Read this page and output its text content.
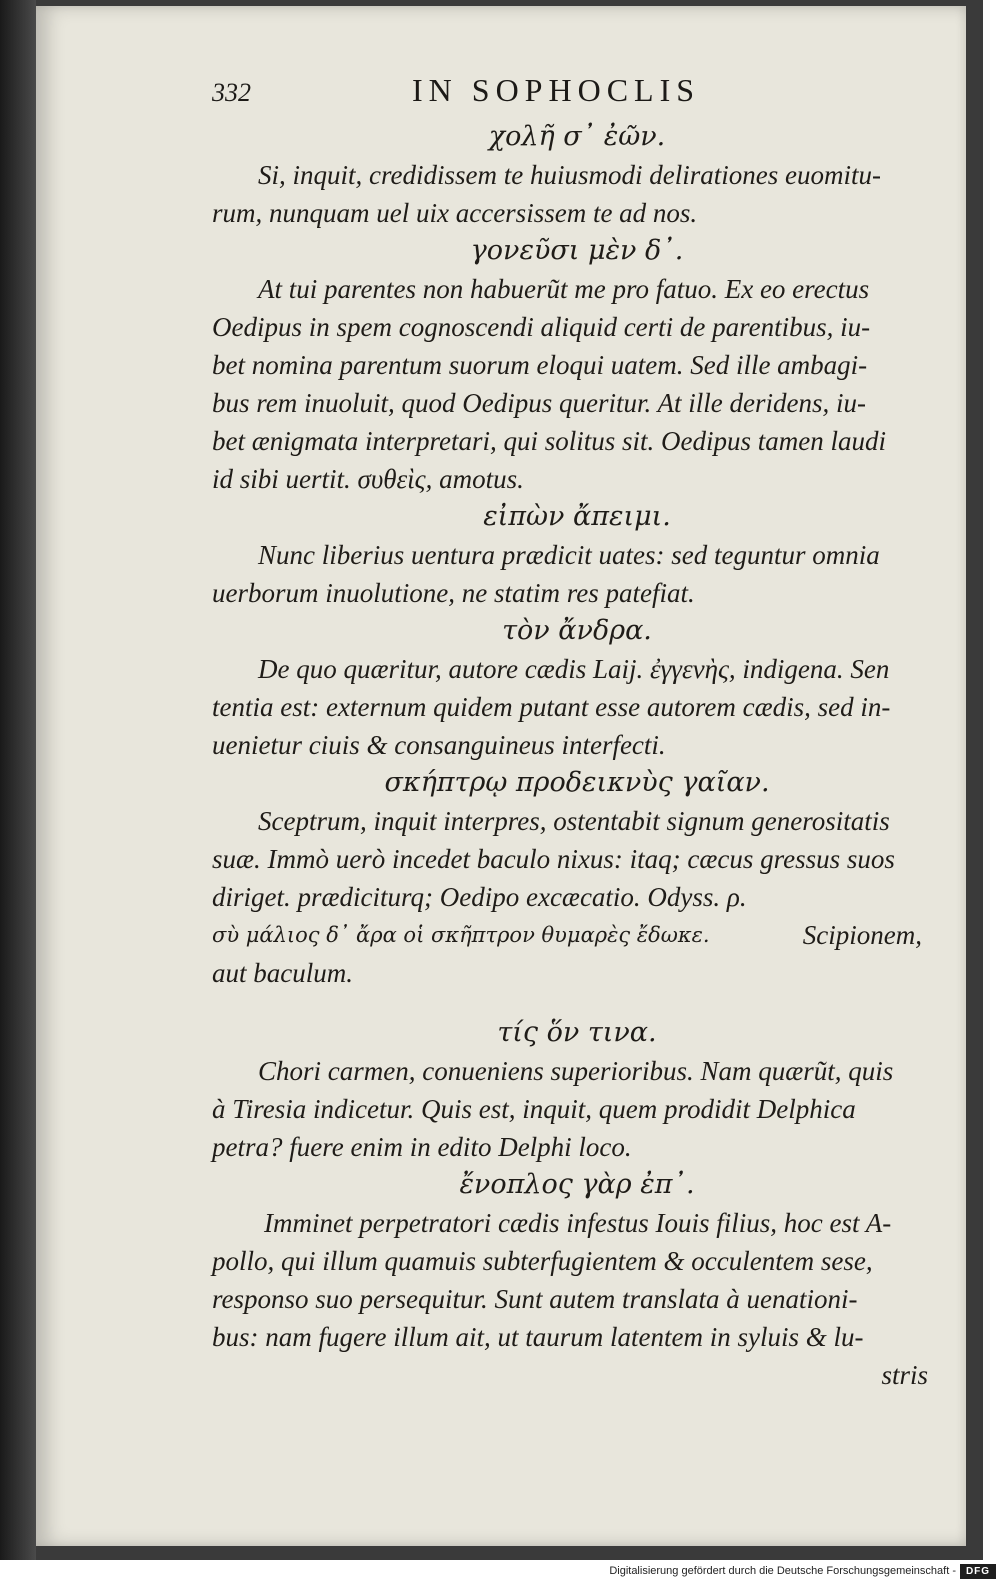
332	IN SOPHOCLIS
χολῆ σ᾿ ἐῶν.
Si, inquit, credidissem te huiusmodi delirationes euomitu-
rum, nunquam uel uix accersissem te ad nos.
γονεῦσι μὲν δ᾿.
At tui parentes non habuerũt me pro fatuo. Ex eo erectus
Oedipus in spem cognoscendi aliquid certi de parentibus, iu-
bet nomina parentum suorum eloqui uatem. Sed ille ambagi-
bus rem inuoluit, quod Oedipus queritur. At ille deridens, iu-
bet ænigmata interpretari, qui solitus sit. Oedipus tamen laudi
id sibi uertit. συθεὶς, amotus.
εἰπὼν ἄπειμι.
Nunc liberius uentura prædicit uates: sed teguntur omnia
uerborum inuolutione, ne statim res patefiat.
τὸν ἄνδρα.
De quo quæritur, autore cædis Laij. ἐγγενὴς, indigena. Sen
tentia est: externum quidem putant esse autorem cædis, sed in-
uenietur ciuis & consanguineus interfecti.
σκήπτρῳ προδεικνὺς γαῖαν.
Sceptrum, inquit interpres, ostentabit signum generositatis
suæ. Immò uerò incedet baculo nixus: itaq; cæcus gressus suos
diriget. prædiciturq; Oedipo excæcatio. Odyss. ρ.
σὺ μάλιος δ᾿ ἄρα οἱ σκῆπτρον θυμαρὲς ἔδωκε.	Scipionem,
aut baculum.
τίς ὅν τινα.
Chori carmen, conueniens superioribus. Nam quærũt, quis
à Tiresia indicetur. Quis est, inquit, quem prodidit Delphica
petra? fuere enim in edito Delphi loco.
ἔνοπλος γὰρ ἐπ᾿.
Imminet perpetratori cædis infestus Iouis filius, hoc est A-
pollo, qui illum quamuis subterfugientem & occulentem sese,
responso suo persequitur. Sunt autem translata à uenationi-
bus: nam fugere illum ait, ut taurum latentem in syluis & lu-
stris
Digitalisierung gefördert durch die Deutsche Forschungsgemeinschaft - DFG
